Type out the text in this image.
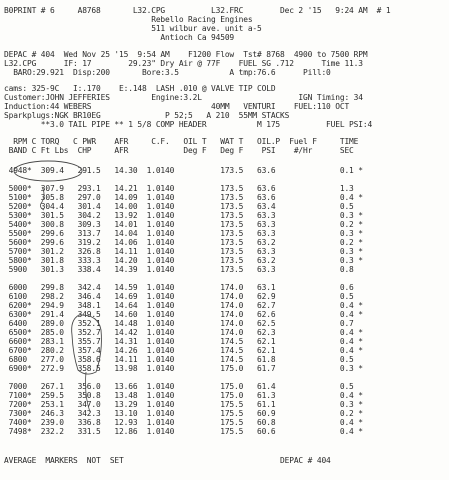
B0PRINT # 6     A8768       L32.CPG          L32.FRC        Dec 2 '15   9:24 AM  # 1
Rebello Racing Engines
511 wilbur ave. unit a-5
Antioch Ca 94509
DEPAC # 404  Wed Nov 25 '15  9:54 AM    F1200 Flow  Tst# 8768  4900 to 7500 RPM
L32.CPG      IF: 17        29.23" Dry Air @ 77F    FUEL SG .712      Time 11.3
BARO:29.921  Disp:200       Bore:3.5           A tmp:76.6      Pill:0
cams: 325-9C   I:.170    E:.148  LASH .010 @ VALVE TIP COLD
Customer:JOHN JEFFERIES         Engine:3.2L                     IGN Timing: 34
Induction:44 WEBERS                          40MM   VENTURI    FUEL:110 OCT
Sparkplugs:NGK BR10EG              P 52;5   A 210  55MM STACKS
**3.0 TAIL PIPE ** 1 5/8 COMP HEADER           M 175          FUEL PSI:4
RPM C TORQ   C PWR    AFR     C.F.   OIL T   WAT T   OIL.P  Fuel F     TIME
BAND C Ft Lbs  CHP     AFR            Deg F   Deg F    PSI    #/Hr      SEC
4948*  309.4   291.5   14.30  1.0140          173.5   63.6              0.1 *
5000*  307.9   293.1   14.21  1.0140          173.5   63.6              1.3
5100*  305.8   297.0   14.09  1.0140          173.5   63.6              0.4 *
5200*  304.4   301.4   14.00  1.0140          173.5   63.4              0.5
5300*  301.5   304.2   13.92  1.0140          173.5   63.3              0.3 *
5400*  300.8   309.3   14.01  1.0140          173.5   63.3              0.2 *
5500*  299.6   313.7   14.04  1.0140          173.5   63.3              0.3 *
5600*  299.6   319.2   14.06  1.0140          173.5   63.2              0.2 *
5700*  301.2   326.8   14.11  1.0140          173.5   63.3              0.3 *
5800*  301.8   333.3   14.20  1.0140          173.5   63.2              0.3 *
5900   301.3   338.4   14.39  1.0140          173.5   63.3              0.8
6000   299.8   342.4   14.59  1.0140          174.0   63.1              0.6
6100   298.2   346.4   14.69  1.0140          174.0   62.9              0.5
6200*  294.9   348.1   14.64  1.0140          174.0   62.7              0.4 *
6300*  291.4   349.5   14.60  1.0140          174.0   62.6              0.4 *
6400   289.0   352.1   14.48  1.0140          174.0   62.5              0.7
6500*  285.0   352.7   14.42  1.0140          174.0   62.3              0.4 *
6600*  283.1   355.7   14.31  1.0140          174.5   62.1              0.4 *
6700*  280.2   357.4   14.26  1.0140          174.5   62.1              0.4 *
6800   277.0   358.6   14.11  1.0140          174.5   61.8              0.5
6900*  272.9   358.5   13.98  1.0140          175.0   61.7              0.3 *
7000   267.1   356.0   13.66  1.0140          175.0   61.4              0.5
7100*  259.5   350.8   13.48  1.0140          175.0   61.3              0.4 *
7200*  253.1   347.0   13.29  1.0140          175.5   61.1              0.3 *
7300*  246.3   342.3   13.10  1.0140          175.5   60.9              0.2 *
7400*  239.0   336.8   12.93  1.0140          175.5   60.8              0.4 *
7498*  232.2   331.5   12.86  1.0140          175.5   60.6              0.4 *
AVERAGE  MARKERS  NOT  SET                                  DEPAC # 404
